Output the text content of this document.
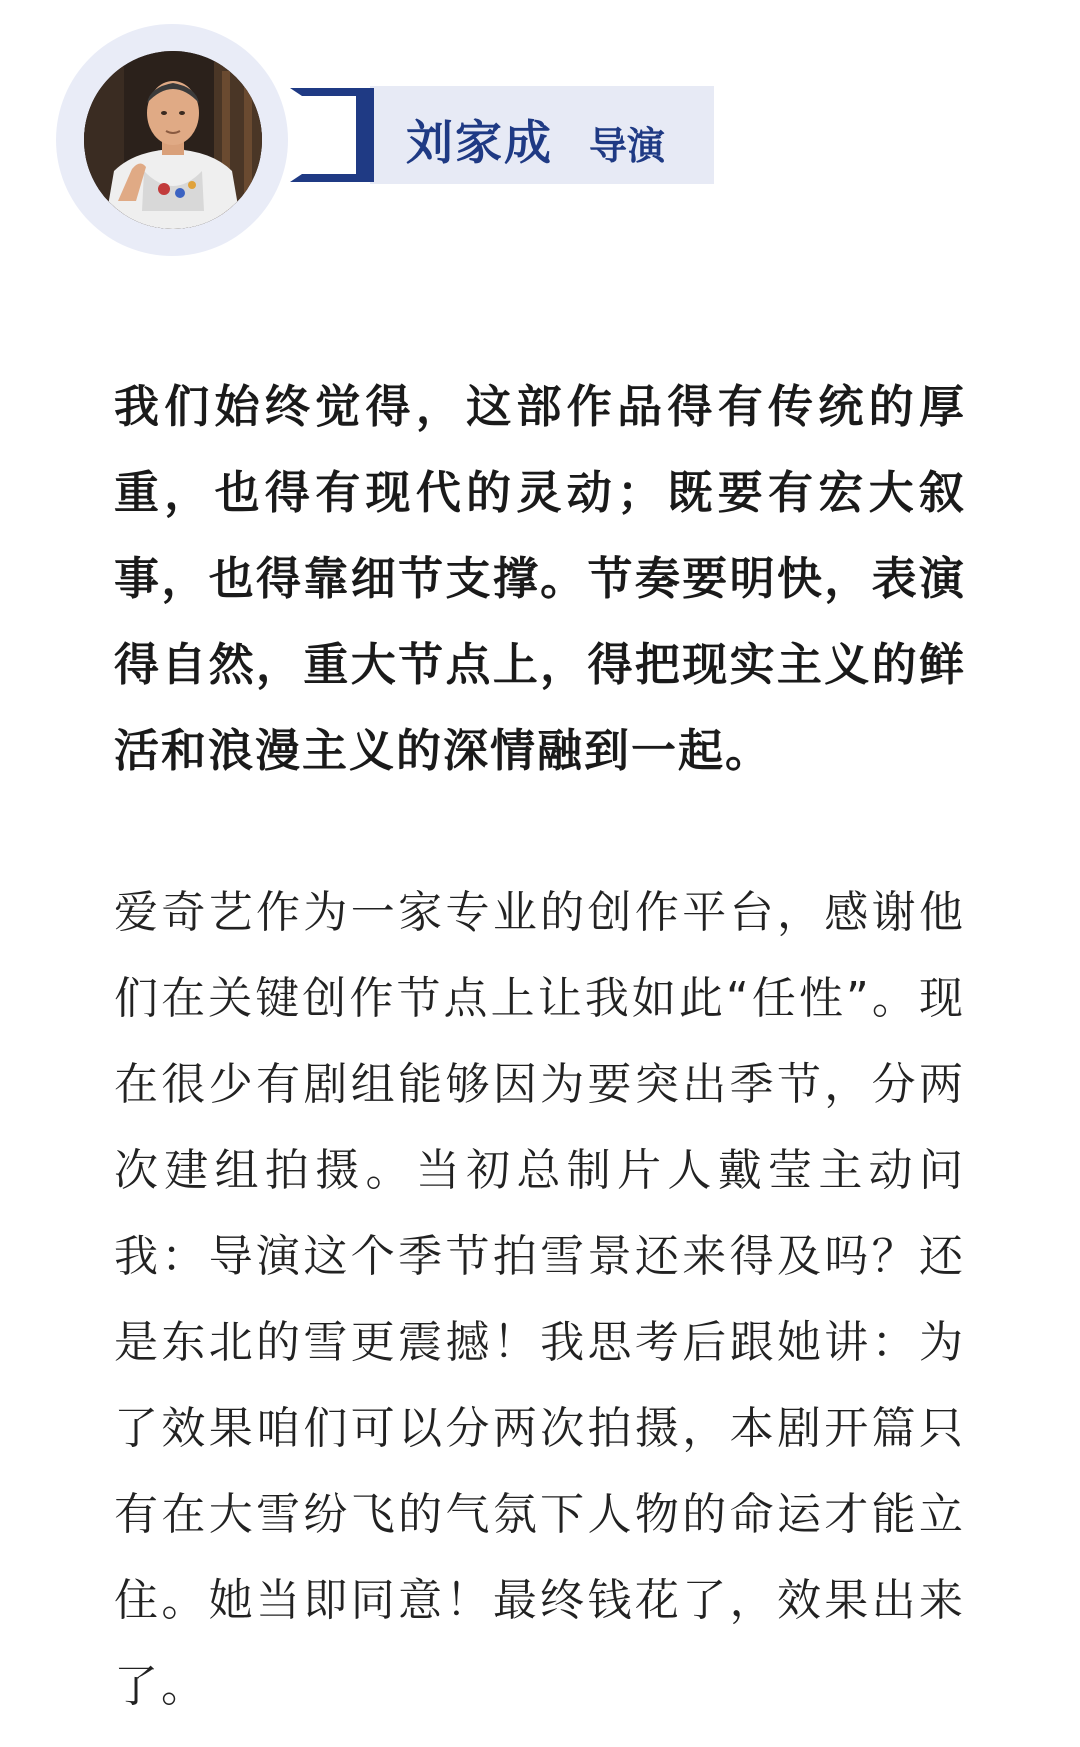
刘家成 导演

我们始终觉得，这部作品得有传统的厚重，也得有现代的灵动；既要有宏大叙事，也得靠细节支撑。节奏要明快，表演得自然，重大节点上，得把现实主义的鲜活和浪漫主义的深情融到一起。

爱奇艺作为一家专业的创作平台，感谢他们在关键创作节点上让我如此“任性”。现在很少有剧组能够因为要突出季节，分两次建组拍摄。当初总制片人戴莹主动问我：导演这个季节拍雪景还来得及吗？还是东北的雪更震撼！我思考后跟她讲：为了效果咱们可以分两次拍摄，本剧开篇只有在大雪纷飞的气氛下人物的命运才能立住。她当即同意！最终钱花了，效果出来了。
